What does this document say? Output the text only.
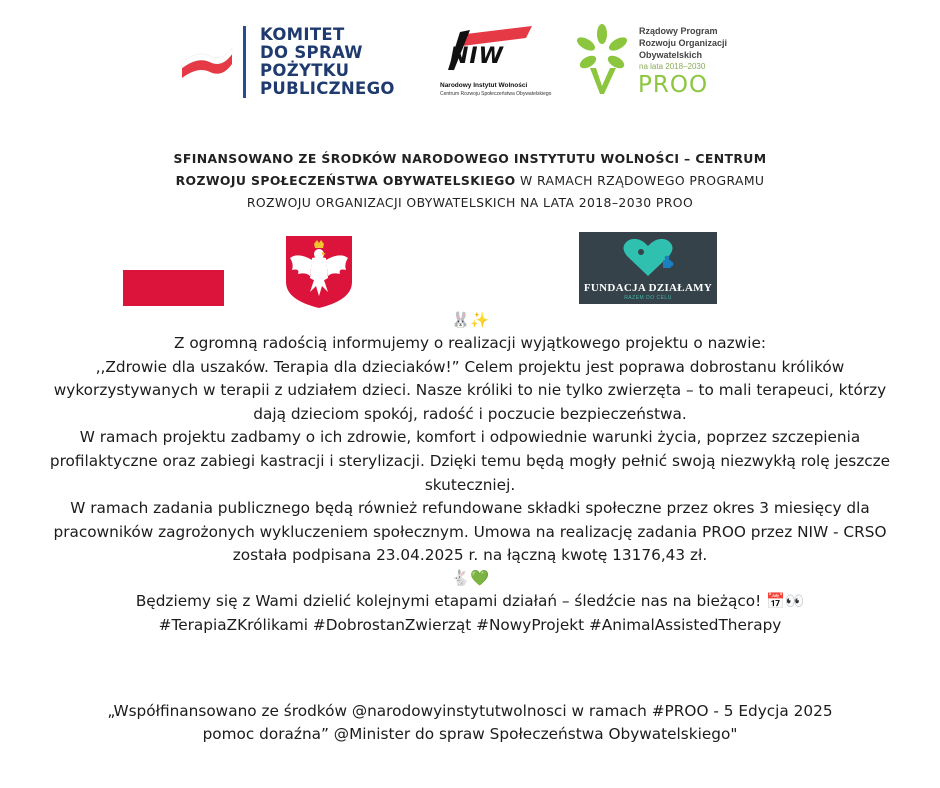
KOMITET
DO SPRAW
POŻYTKU
PUBLICZNEGO
NIW
Narodowy Instytut Wolności
Centrum Rozwoju Społeczeństwa Obywatelskiego
Rządowy Program
Rozwoju Organizacji
Obywatelskich
na lata 2018–2030
PROO
SFINANSOWANO ZE ŚRODKÓW NARODOWEGO INSTYTUTU WOLNOŚCI – CENTRUM
ROZWOJU SPOŁECZEŃSTWA OBYWATELSKIEGO W RAMACH RZĄDOWEGO PROGRAMU
ROZWOJU ORGANIZACJI OBYWATELSKICH NA LATA 2018–2030 PROO
FUNDACJA DZIAŁAMY
RAZEM DO CELU
🐰✨

Z ogromną radością informujemy o realizacji wyjątkowego projektu o nazwie:

,,Zdrowie dla uszaków. Terapia dla dzieciaków!” Celem projektu jest poprawa dobrostanu królików wykorzystywanych w terapii z udziałem dzieci. Nasze króliki to nie tylko zwierzęta – to mali terapeuci, którzy dają dzieciom spokój, radość i poczucie bezpieczeństwa.

W ramach projektu zadbamy o ich zdrowie, komfort i odpowiednie warunki życia, poprzez szczepienia profilaktyczne oraz zabiegi kastracji i sterylizacji. Dzięki temu będą mogły pełnić swoją niezwykłą rolę jeszcze skuteczniej.

W ramach zadania publicznego będą również refundowane składki społeczne przez okres 3 miesięcy dla pracowników zagrożonych wykluczeniem społecznym. Umowa na realizację zadania PROO przez NIW - CRSO została podpisana 23.04.2025 r. na łączną kwotę 13176,43 zł.

🐇💚

Będziemy się z Wami dzielić kolejnymi etapami działań – śledźcie nas na bieżąco! 📅👀

#TerapiaZKrólikami #DobrostanZwierząt #NowyProjekt #AnimalAssistedTherapy

„Współfinansowano ze środków @narodowyinstytutwolnosci w ramach #PROO - 5 Edycja 2025
pomoc doraźna” @Minister do spraw Społeczeństwa Obywatelskiego"
